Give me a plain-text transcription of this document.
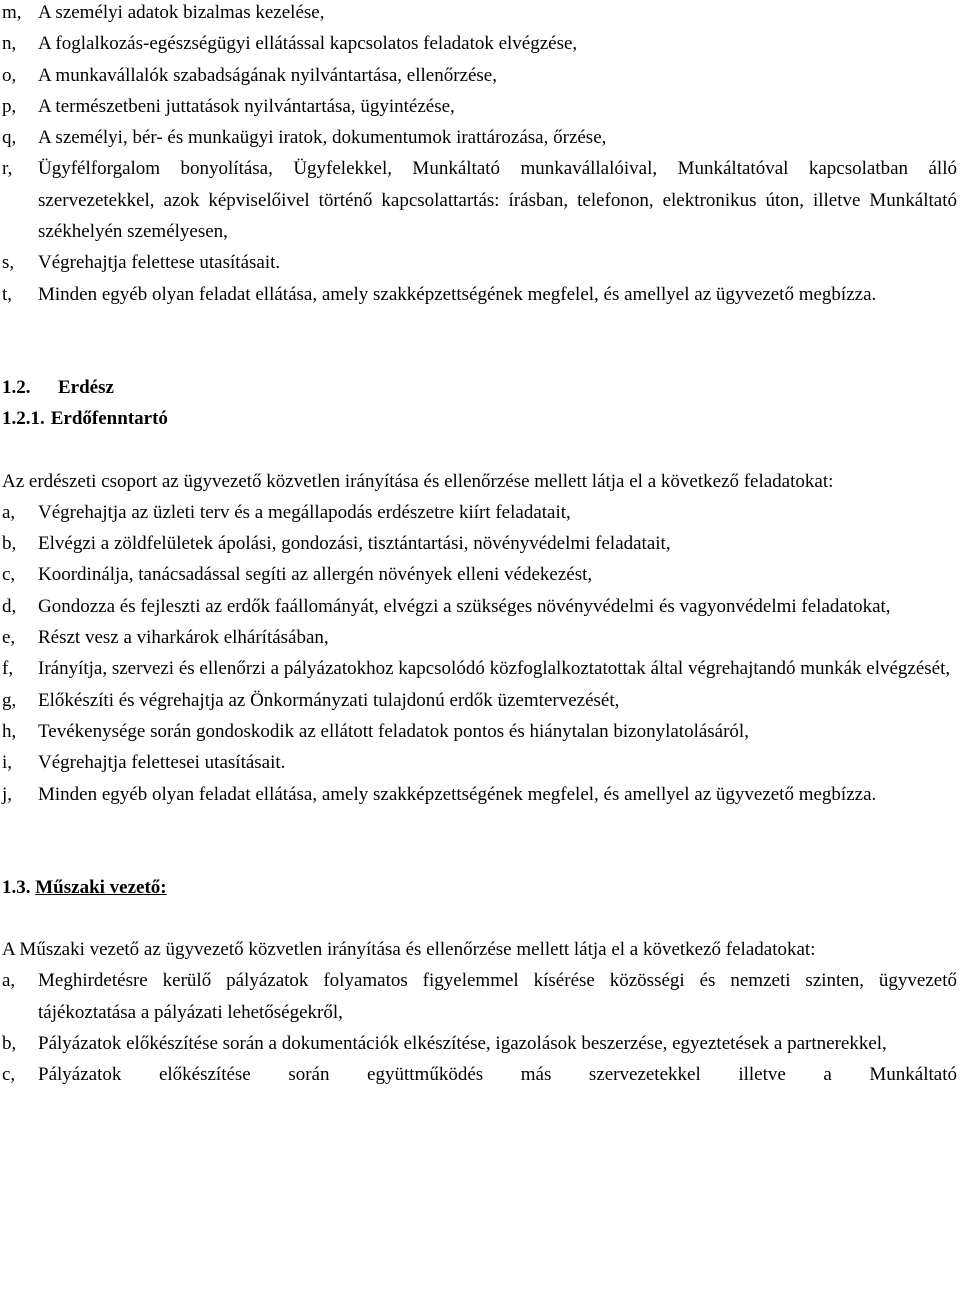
m, A személyi adatok bizalmas kezelése,
n,	A foglalkozás-egészségügyi ellátással kapcsolatos feladatok elvégzése,
o,	A munkavállalók szabadságának nyilvántartása, ellenőrzése,
p,	A természetbeni juttatások nyilvántartása, ügyintézése,
q,	A személyi, bér- és munkaügyi iratok, dokumentumok irattározása, őrzése,
r,	Ügyfélforgalom bonyolítása, Ügyfelekkel, Munkáltató munkavállalóival, Munkáltatóval kapcsolatban álló szervezetekkel, azok képviselőivel történő kapcsolattartás: írásban, telefonon, elektronikus úton, illetve Munkáltató székhelyén személyesen,
s,	Végrehajtja felettese utasításait.
t,	Minden egyéb olyan feladat ellátása, amely szakképzettségének megfelel, és amellyel az ügyvezető megbízza.
1.2. Erdész
1.2.1. Erdőfenntartó
Az erdészeti csoport az ügyvezető közvetlen irányítása és ellenőrzése mellett látja el a következő feladatokat:
a,	Végrehajtja az üzleti terv és a megállapodás erdészetre kiírt feladatait,
b,	Elvégzi a zöldfelületek ápolási, gondozási, tisztántartási, növényvédelmi feladatait,
c,	Koordinálja, tanácsadással segíti az allergén növények elleni védekezést,
d,	Gondozza és fejleszti az erdők faállományát, elvégzi a szükséges növényvédelmi és vagyonvédelmi feladatokat,
e,	Részt vesz a viharkárok elhárításában,
f,	Irányítja, szervezi és ellenőrzi a pályázatokhoz kapcsolódó közfoglalkoztatottak által végrehajtandó munkák elvégzését,
g,	Előkészíti és végrehajtja az Önkormányzati tulajdonú erdők üzemtervezését,
h,	Tevékenysége során gondoskodik az ellátott feladatok pontos és hiánytalan bizonylatolásáról,
i,	Végrehajtja felettesei utasításait.
j,	Minden egyéb olyan feladat ellátása, amely szakképzettségének megfelel, és amellyel az ügyvezető megbízza.
1.3. Műszaki vezető:
A Műszaki vezető az ügyvezető közvetlen irányítása és ellenőrzése mellett látja el a következő feladatokat:
a,	Meghirdetésre kerülő pályázatok folyamatos figyelemmel kísérése közösségi és nemzeti szinten, ügyvezető tájékoztatása a pályázati lehetőségekről,
b,	Pályázatok előkészítése során a dokumentációk elkészítése, igazolások beszerzése, egyeztetések a partnerekkel,
c,	Pályázatok előkészítése során együttműködés más szervezetekkel illetve a Munkáltató
